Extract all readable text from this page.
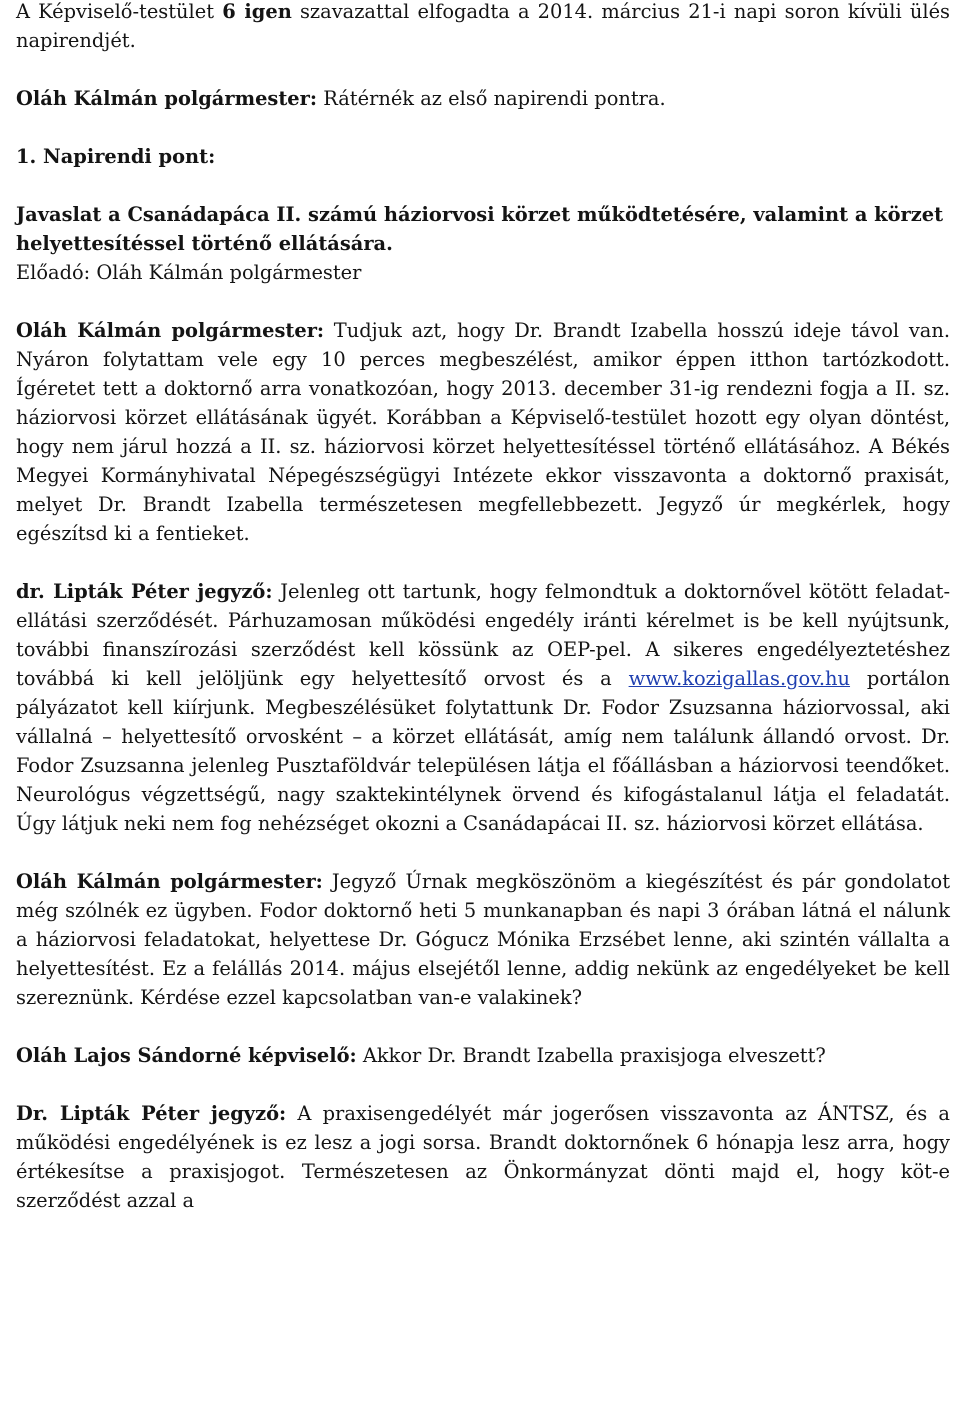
A Képviselő-testület 6 igen szavazattal elfogadta a 2014. március 21-i napi soron kívüli ülés napirendjét.

Oláh Kálmán polgármester: Rátérnék az első napirendi pontra.

1. Napirendi pont:

Javaslat a Csanádapáca II. számú háziorvosi körzet működtetésére, valamint a körzet helyettesítéssel történő ellátására.

Előadó: Oláh Kálmán polgármester

Oláh Kálmán polgármester: Tudjuk azt, hogy Dr. Brandt Izabella hosszú ideje távol van. Nyáron folytattam vele egy 10 perces megbeszélést, amikor éppen itthon tartózkodott. Ígéretet tett a doktornő arra vonatkozóan, hogy 2013. december 31-ig rendezni fogja a II. sz. háziorvosi körzet ellátásának ügyét. Korábban a Képviselő-testület hozott egy olyan döntést, hogy nem járul hozzá a II. sz. háziorvosi körzet helyettesítéssel történő ellátásához. A Békés Megyei Kormányhivatal Népegészségügyi Intézete ekkor visszavonta a doktornő praxisát, melyet Dr. Brandt Izabella természetesen megfellebbezett. Jegyző úr megkérlek, hogy egészítsd ki a fentieket.

dr. Lipták Péter jegyző: Jelenleg ott tartunk, hogy felmondtuk a doktornővel kötött feladat-ellátási szerződését. Párhuzamosan működési engedély iránti kérelmet is be kell nyújtsunk, további finanszírozási szerződést kell kössünk az OEP-pel. A sikeres engedélyeztetéshez továbbá ki kell jelöljünk egy helyettesítő orvost és a www.kozigallas.gov.hu portálon pályázatot kell kiírjunk. Megbeszélésüket folytattunk Dr. Fodor Zsuzsanna háziorvossal, aki vállalná – helyettesítő orvosként – a körzet ellátását, amíg nem találunk állandó orvost. Dr. Fodor Zsuzsanna jelenleg Pusztaföldvár településen látja el főállásban a háziorvosi teendőket. Neurológus végzettségű, nagy szaktekintélynek örvend és kifogástalanul látja el feladatát. Úgy látjuk neki nem fog nehézséget okozni a Csanádapácai II. sz. háziorvosi körzet ellátása.

Oláh Kálmán polgármester: Jegyző Úrnak megköszönöm a kiegészítést és pár gondolatot még szólnék ez ügyben. Fodor doktornő heti 5 munkanapban és napi 3 órában látná el nálunk a háziorvosi feladatokat, helyettese Dr. Gógucz Mónika Erzsébet lenne, aki szintén vállalta a helyettesítést. Ez a felállás 2014. május elsejétől lenne, addig nekünk az engedélyeket be kell szereznünk. Kérdése ezzel kapcsolatban van-e valakinek?

Oláh Lajos Sándorné képviselő: Akkor Dr. Brandt Izabella praxisjoga elveszett?

Dr. Lipták Péter jegyző: A praxisengedélyét már jogerősen visszavonta az ÁNTSZ, és a működési engedélyének is ez lesz a jogi sorsa. Brandt doktornőnek 6 hónapja lesz arra, hogy értékesítse a praxisjogot. Természetesen az Önkormányzat dönti majd el, hogy köt-e szerződést azzal a
